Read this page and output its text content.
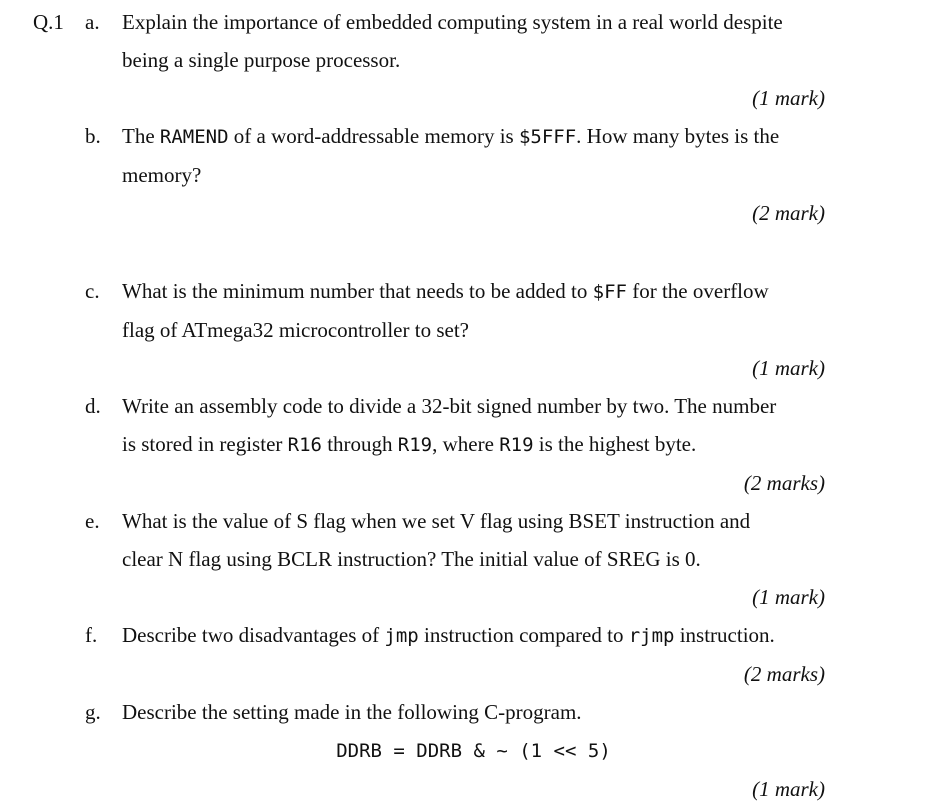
Q.1	a.	Explain the importance of embedded computing system in a real world despite
being a single purpose processor.
(1 mark)
b.	The RAMEND of a word-addressable memory is $5FFF. How many bytes is the
memory?
(2 mark)
c.	What is the minimum number that needs to be added to $FF for the overflow
flag of ATmega32 microcontroller to set?
(1 mark)
d.	Write an assembly code to divide a 32-bit signed number by two. The number
is stored in register R16 through R19, where R19 is the highest byte.
(2 marks)
e.	What is the value of S flag when we set V flag using BSET instruction and
clear N flag using BCLR instruction? The initial value of SREG is 0.
(1 mark)
f.	Describe two disadvantages of jmp instruction compared to rjmp instruction.
(2 marks)
g.	Describe the setting made in the following C-program.
DDRB = DDRB & ~ (1 << 5)
(1 mark)
